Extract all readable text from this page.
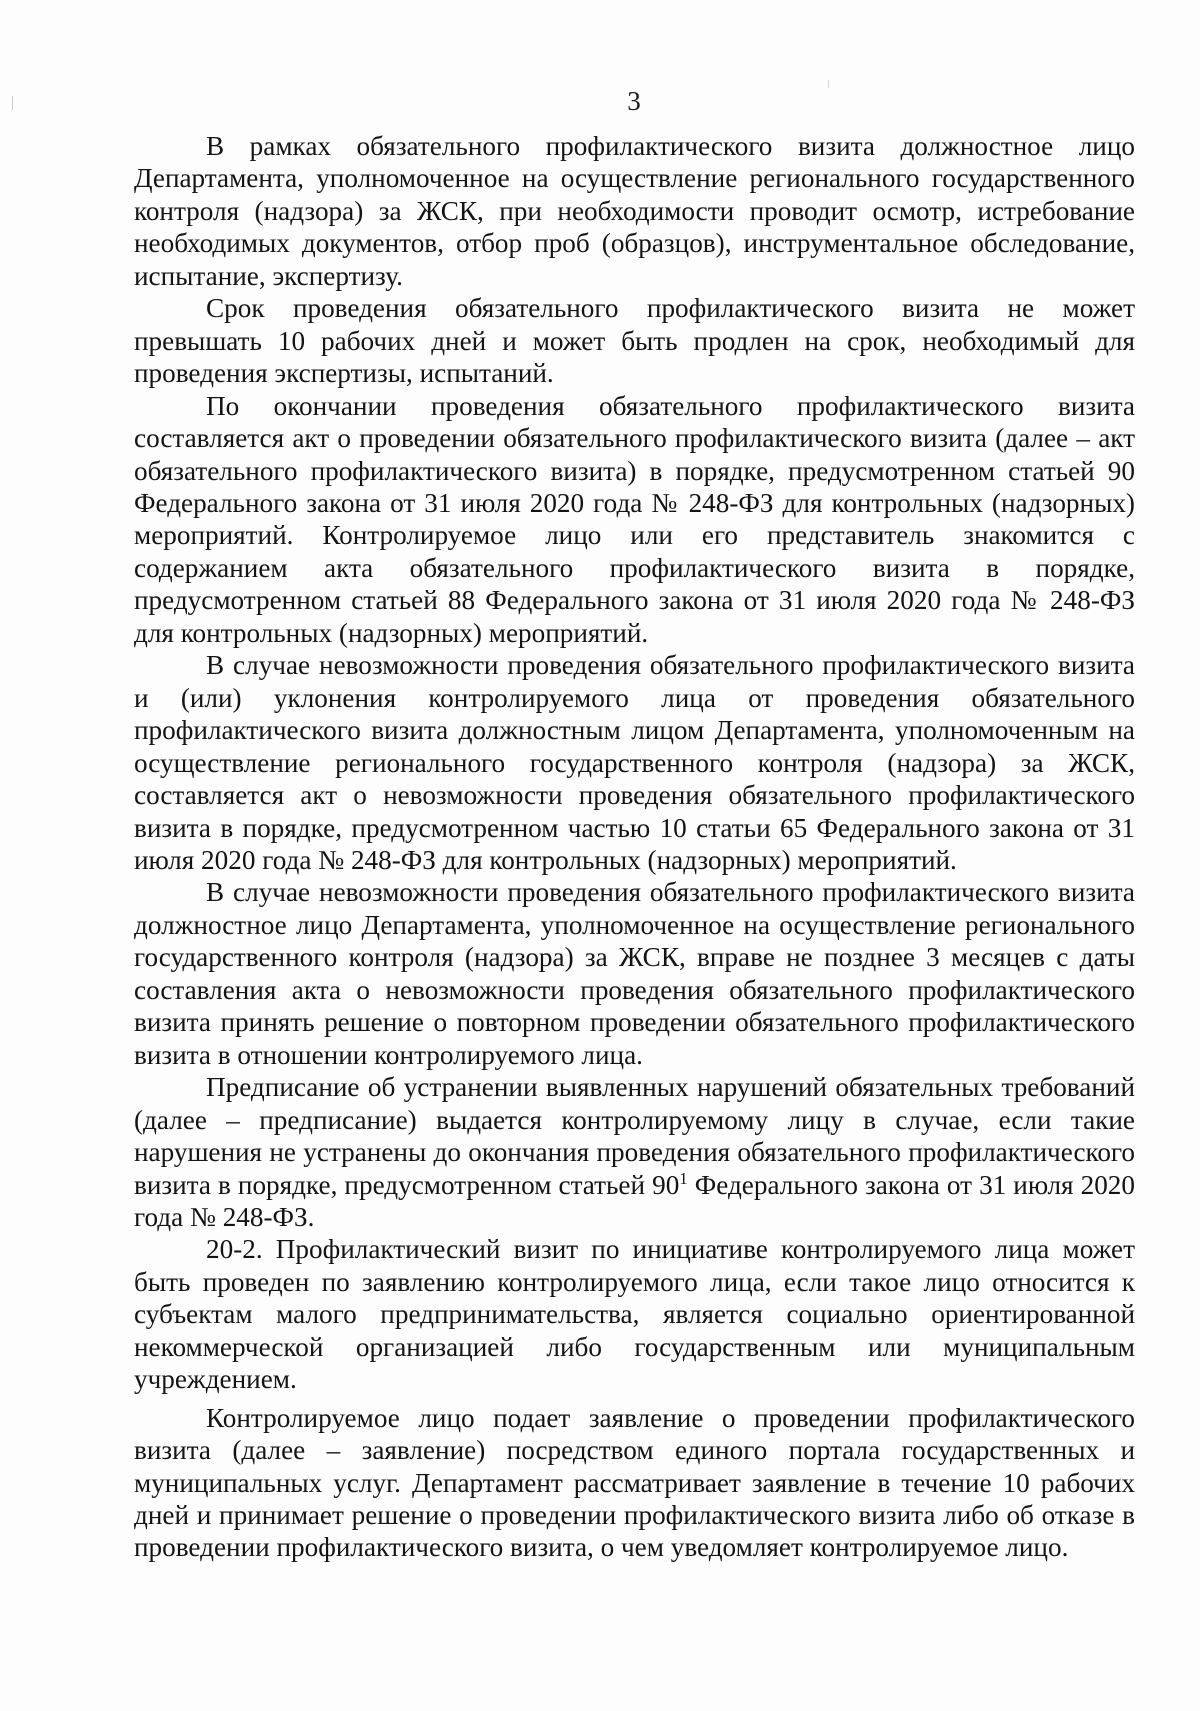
3

В рамках обязательного профилактического визита должностное лицо Департамента, уполномоченное на осуществление регионального государственного контроля (надзора) за ЖСК, при необходимости проводит осмотр, истребование необходимых документов, отбор проб (образцов), инструментальное обследование, испытание, экспертизу.

Срок проведения обязательного профилактического визита не может превышать 10 рабочих дней и может быть продлен на срок, необходимый для проведения экспертизы, испытаний.

По окончании проведения обязательного профилактического визита составляется акт о проведении обязательного профилактического визита (далее – акт обязательного профилактического визита) в порядке, предусмотренном статьей 90 Федерального закона от 31 июля 2020 года № 248-ФЗ для контрольных (надзорных) мероприятий. Контролируемое лицо или его представитель знакомится с содержанием акта обязательного профилактического визита в порядке, предусмотренном статьей 88 Федерального закона от 31 июля 2020 года № 248-ФЗ для контрольных (надзорных) мероприятий.

В случае невозможности проведения обязательного профилактического визита и (или) уклонения контролируемого лица от проведения обязательного профилактического визита должностным лицом Департамента, уполномоченным на осуществление регионального государственного контроля (надзора) за ЖСК, составляется акт о невозможности проведения обязательного профилактического визита в порядке, предусмотренном частью 10 статьи 65 Федерального закона от 31 июля 2020 года № 248-ФЗ для контрольных (надзорных) мероприятий.

В случае невозможности проведения обязательного профилактического визита должностное лицо Департамента, уполномоченное на осуществление регионального государственного контроля (надзора) за ЖСК, вправе не позднее 3 месяцев с даты составления акта о невозможности проведения обязательного профилактического визита принять решение о повторном проведении обязательного профилактического визита в отношении контролируемого лица.

Предписание об устранении выявленных нарушений обязательных требований (далее – предписание) выдается контролируемому лицу в случае, если такие нарушения не устранены до окончания проведения обязательного профилактического визита в порядке, предусмотренном статьей $90^1$ Федерального закона от 31 июля 2020 года № 248-ФЗ.

20-2. Профилактический визит по инициативе контролируемого лица может быть проведен по заявлению контролируемого лица, если такое лицо относится к субъектам малого предпринимательства, является социально ориентированной некоммерческой организацией либо государственным или муниципальным учреждением.

Контролируемое лицо подает заявление о проведении профилактического визита (далее – заявление) посредством единого портала государственных и муниципальных услуг. Департамент рассматривает заявление в течение 10 рабочих дней и принимает решение о проведении профилактического визита либо об отказе в проведении профилактического визита, о чем уведомляет контролируемое лицо.
